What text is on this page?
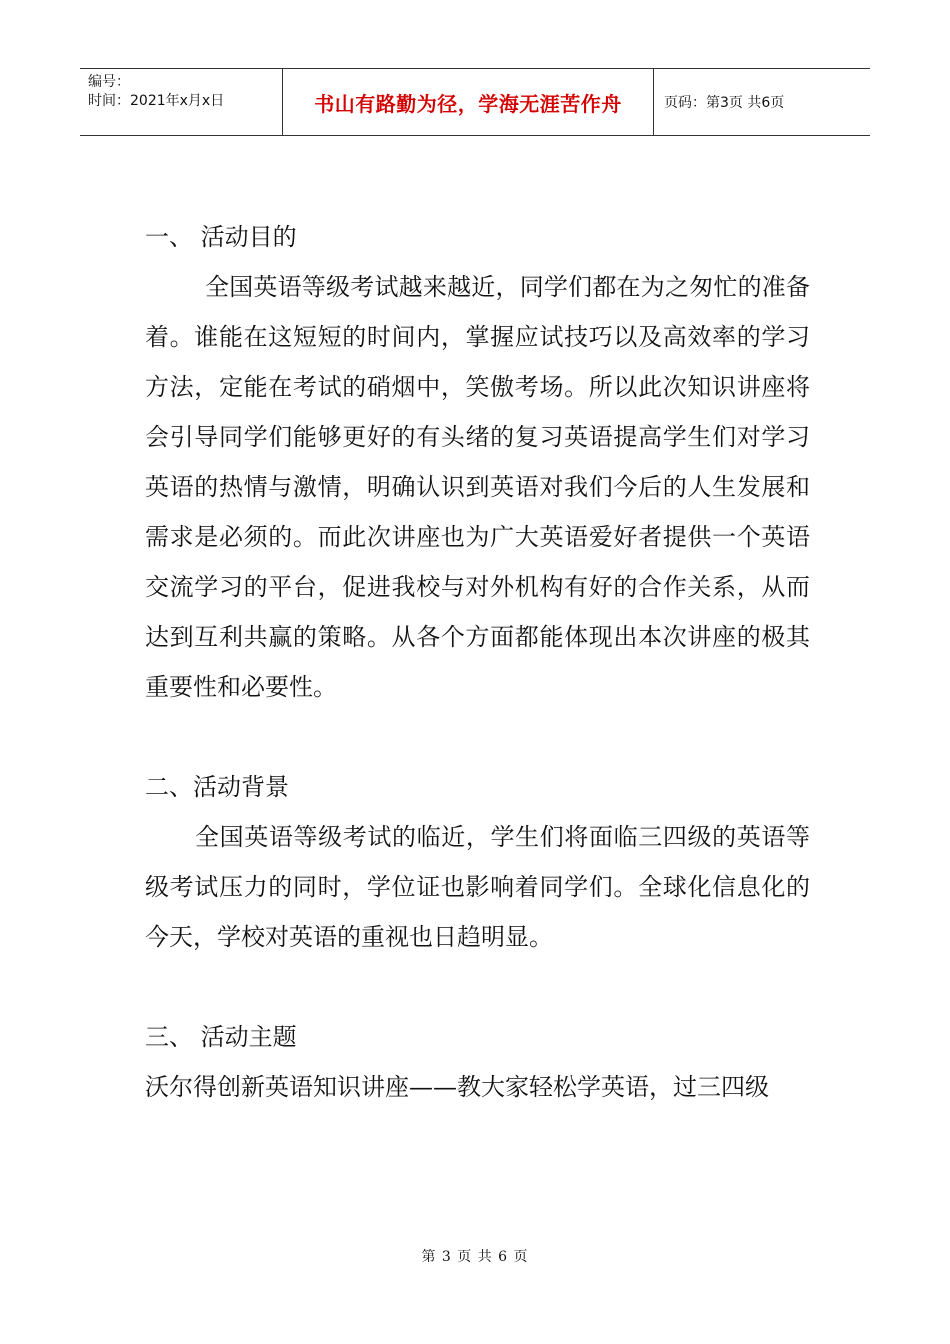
编号：
时间：2021年x月x日	书山有路勤为径，学海无涯苦作舟	页码：第3页 共6页
一、 活动目的

全国英语等级考试越来越近，同学们都在为之匆忙的准备着。谁能在这短短的时间内，掌握应试技巧以及高效率的学习方法，定能在考试的硝烟中，笑傲考场。所以此次知识讲座将会引导同学们能够更好的有头绪的复习英语提高学生们对学习英语的热情与激情，明确认识到英语对我们今后的人生发展和需求是必须的。而此次讲座也为广大英语爱好者提供一个英语交流学习的平台，促进我校与对外机构有好的合作关系，从而达到互利共赢的策略。从各个方面都能体现出本次讲座的极其重要性和必要性。

二、活动背景

全国英语等级考试的临近，学生们将面临三四级的英语等级考试压力的同时，学位证也影响着同学们。全球化信息化的今天，学校对英语的重视也日趋明显。

三、 活动主题

沃尔得创新英语知识讲座——教大家轻松学英语，过三四级

第 3 页 共 6 页
